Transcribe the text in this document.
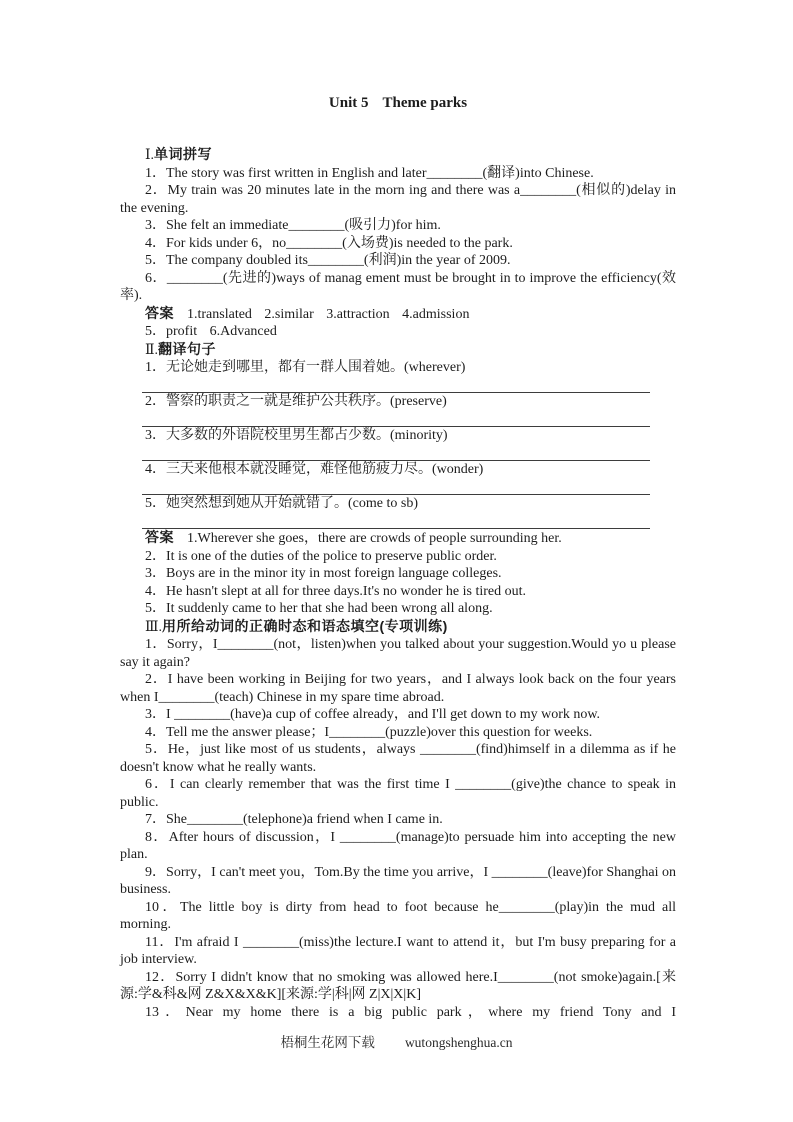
Unit 5 Theme parks

Ⅰ.单词拼写

1．The story was first written in English and later________(翻译)into Chinese.

2．My train was 20 minutes late in the morn ing and there was a________(相似的)delay in the evening.

3．She felt an immediate________(吸引力)for him.

4．For kids under 6，no________(入场费)is needed to the park.

5．The company doubled its________(利润)in the year of 2009.

6．________(先进的)ways of manag ement must be brought in to improve the efficiency(效率).

答案 1.translated 2.similar 3.attraction 4.admission

5．profit 6.Advanced

Ⅱ.翻译句子

1．无论她走到哪里，都有一群人围着她。(wherever)

2．警察的职责之一就是维护公共秩序。(preserve)

3．大多数的外语院校里男生都占少数。(minority)

4．三天来他根本就没睡觉，难怪他筋疲力尽。(wonder)

5．她突然想到她从开始就错了。(come to sb)

答案 1.Wherever she goes，there are crowds of people surrounding her.

2．It is one of the duties of the police to preserve public order.

3．Boys are in the minor ity in most foreign language colleges.

4．He hasn't slept at all for three days.It's no wonder he is tired out.

5．It suddenly came to her that she had been wrong all along.

Ⅲ.用所给动词的正确时态和语态填空(专项训练)

1．Sorry，I________(not，listen)when you talked about your suggestion.Would yo u please say it again?

2．I have been working in Beijing for two years，and I always look back on the four years when I________(teach) Chinese in my spare time abroad.

3．I ________(have)a cup of coffee already，and I'll get down to my work now.

4．Tell me the answer please；I________(puzzle)over this question for weeks.

5．He，just like most of us students，always ________(find)himself in a dilemma as if he doesn't know what he really wants.

6．I can clearly remember that was the first time I ________(give)the chance to speak in public.

7．She________(telephone)a friend when I came in.

8．After hours of discussion，I ________(manage)to persuade him into accepting the new plan.

9．Sorry，I can't meet you，Tom.By the time you arrive，I ________(leave)for Shanghai on business.

10．The little boy is dirty from head to foot because he________(play)in the mud all morning.

11．I'm afraid I ________(miss)the lecture.I want to attend it，but I'm busy preparing for a job interview.

12．Sorry I didn't know that no smoking was allowed here.I________(not smoke)again.[来源:学&科&网 Z&X&X&K][来源:学|科|网 Z|X|X|K]

13．Near my home there is a big public park，where my friend Tony and I

梧桐生花网下载 wutongshenghua.cn
